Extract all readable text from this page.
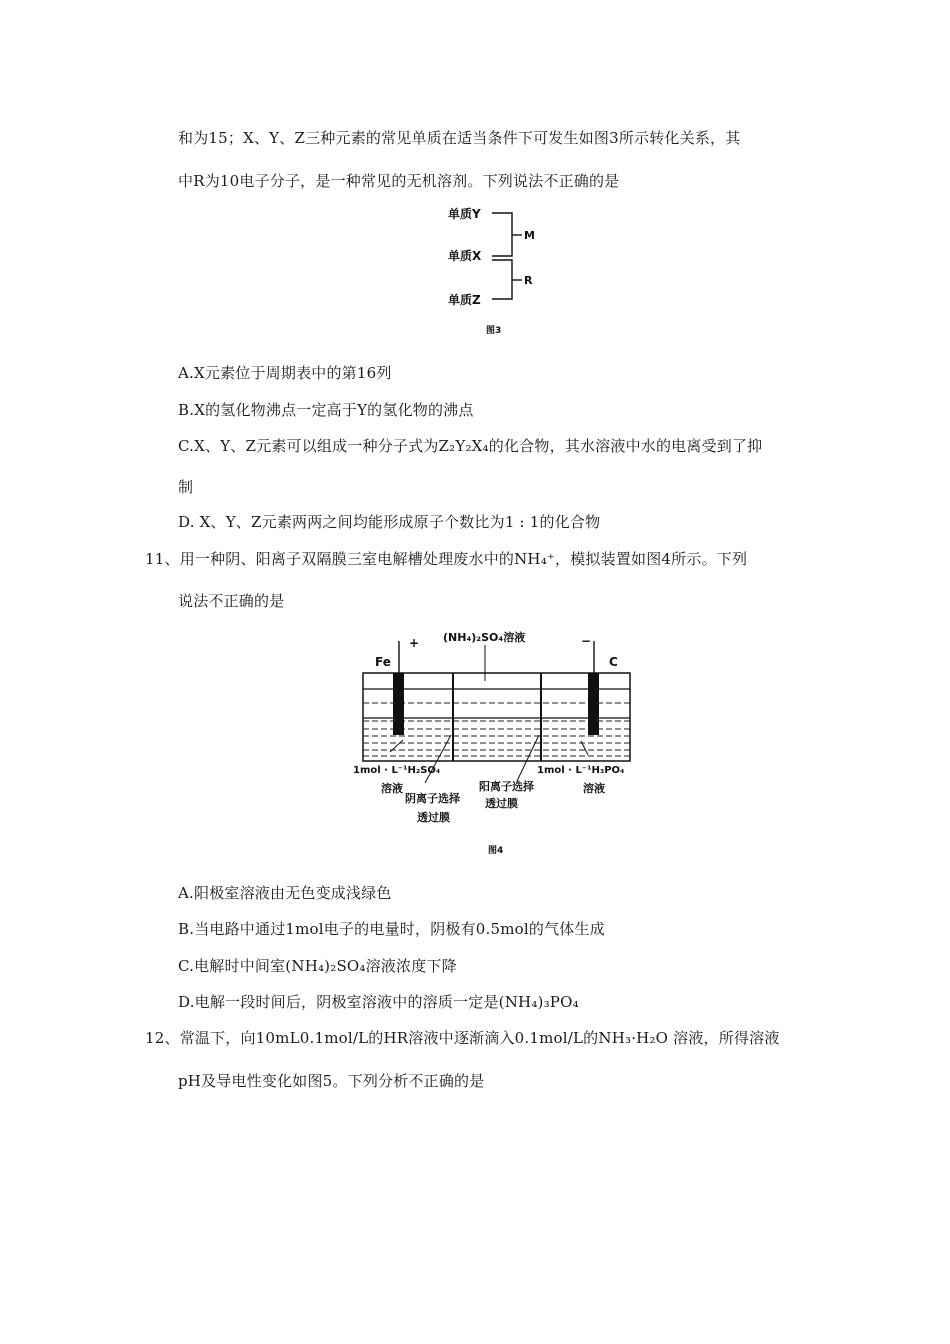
和为15；X、Y、Z三种元素的常见单质在适当条件下可发生如图3所示转化关系，其
中R为10电子分子，是一种常见的无机溶剂。下列说法不正确的是
单质Y
单质X
单质Z
M
R
图3
A.X元素位于周期表中的第16列
B.X的氢化物沸点一定高于Y的氢化物的沸点
C.X、Y、Z元素可以组成一种分子式为Z₂Y₂X₄的化合物，其水溶液中水的电离受到了抑
制
D. X、Y、Z元素两两之间均能形成原子个数比为1 : 1的化合物
11、用一种阴、阳离子双隔膜三室电解槽处理废水中的NH₄⁺，模拟装置如图4所示。下列
说法不正确的是
Fe
+	−
C
(NH₄)₂SO₄溶液
1mol · L⁻¹H₂SO₄
溶液
1mol · L⁻¹H₃PO₄
溶液
阴离子选择
透过膜
阳离子选择
透过膜
图4
A.阳极室溶液由无色变成浅绿色
B.当电路中通过1mol电子的电量时，阴极有0.5mol的气体生成
C.电解时中间室(NH₄)₂SO₄溶液浓度下降
D.电解一段时间后，阴极室溶液中的溶质一定是(NH₄)₃PO₄
12、常温下，向10mL0.1mol/L的HR溶液中逐渐滴入0.1mol/L的NH₃·H₂O 溶液，所得溶液
pH及导电性变化如图5。下列分析不正确的是
